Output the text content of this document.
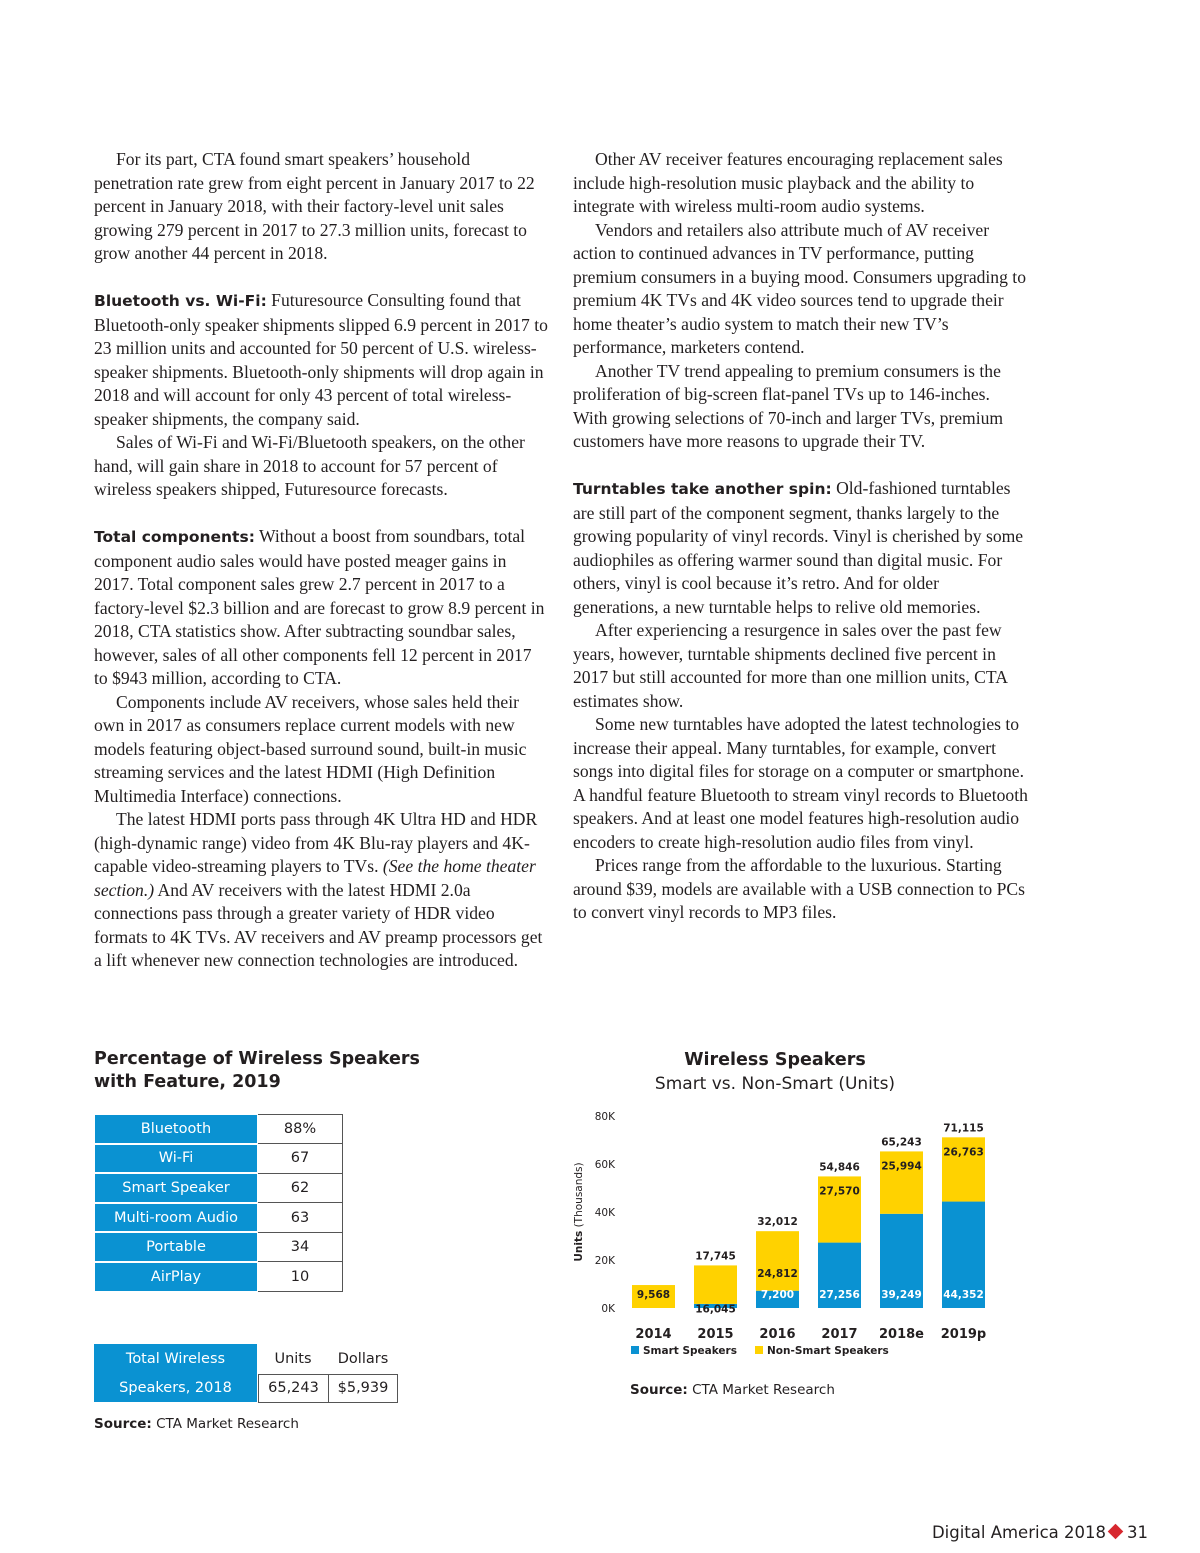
For its part, CTA found smart speakers’ household penetration rate grew from eight percent in January 2017 to 22 percent in January 2018, with their factory-level unit sales growing 279 percent in 2017 to 27.3 million units, forecast to grow another 44 percent in 2018.

Bluetooth vs. Wi-Fi: Futuresource Consulting found that Bluetooth-only speaker shipments slipped 6.9 percent in 2017 to 23 million units and accounted for 50 percent of U.S. wireless-speaker shipments. Bluetooth-only shipments will drop again in 2018 and will account for only 43 percent of total wireless-speaker shipments, the company said.

Sales of Wi-Fi and Wi-Fi/Bluetooth speakers, on the other hand, will gain share in 2018 to account for 57 percent of wireless speakers shipped, Futuresource forecasts.

Total components: Without a boost from soundbars, total component audio sales would have posted meager gains in 2017. Total component sales grew 2.7 percent in 2017 to a factory-level $2.3 billion and are forecast to grow 8.9 percent in 2018, CTA statistics show. After subtracting soundbar sales, however, sales of all other components fell 12 percent in 2017 to $943 million, according to CTA.

Components include AV receivers, whose sales held their own in 2017 as consumers replace current models with new models featuring object-based surround sound, built-in music streaming services and the latest HDMI (High Definition Multimedia Interface) connections.

The latest HDMI ports pass through 4K Ultra HD and HDR (high-dynamic range) video from 4K Blu-ray players and 4K-capable video-streaming players to TVs. (See the home theater section.) And AV receivers with the latest HDMI 2.0a connections pass through a greater variety of HDR video formats to 4K TVs. AV receivers and AV preamp processors get a lift whenever new connection technologies are introduced.

Other AV receiver features encouraging replacement sales include high-resolution music playback and the ability to integrate with wireless multi-room audio systems.

Vendors and retailers also attribute much of AV receiver action to continued advances in TV performance, putting premium consumers in a buying mood. Consumers upgrading to premium 4K TVs and 4K video sources tend to upgrade their home theater’s audio system to match their new TV’s performance, marketers contend.

Another TV trend appealing to premium consumers is the proliferation of big-screen flat-panel TVs up to 146-inches. With growing selections of 70-inch and larger TVs, premium customers have more reasons to upgrade their TV.

Turntables take another spin: Old-fashioned turntables are still part of the component segment, thanks largely to the growing popularity of vinyl records. Vinyl is cherished by some audiophiles as offering warmer sound than digital music. For others, vinyl is cool because it’s retro. And for older generations, a new turntable helps to relive old memories.

After experiencing a resurgence in sales over the past few years, however, turntable shipments declined five percent in 2017 but still accounted for more than one million units, CTA estimates show.

Some new turntables have adopted the latest technologies to increase their appeal. Many turntables, for example, convert songs into digital files for storage on a computer or smartphone. A handful feature Bluetooth to stream vinyl records to Bluetooth speakers. And at least one model features high-resolution audio encoders to create high-resolution audio files from vinyl.

Prices range from the affordable to the luxurious. Starting around $39, models are available with a USB connection to PCs to convert vinyl records to MP3 files.

Percentage of Wireless Speakers
with Feature, 2019
Bluetooth	88%
Wi-Fi	67
Smart Speaker	62
Multi-room Audio	63
Portable	34
AirPlay	10
Total Wireless
Speakers, 2018
Units	Dollars
65,243	$5,939
Source: CTA Market Research
Wireless Speakers
Smart vs. Non-Smart (Units)
0K
20K
40K
60K
80K
Units (Thousands)
9,568
2014
16,045
17,745
2015
7,200
24,812
32,012
2016
27,256
27,570
54,846
2017
39,249
25,994
65,243
2018e
44,352
26,763
71,115
2019p
Smart Speakers	Non-Smart Speakers
Source: CTA Market Research
Digital America 2018 31
